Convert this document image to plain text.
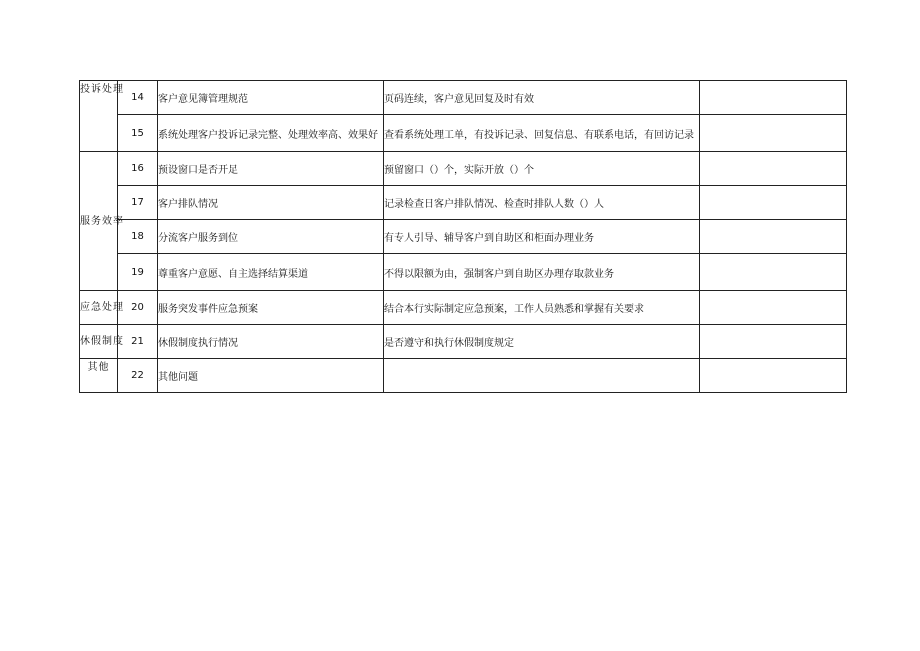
投诉处理	14	客户意见簿管理规范	页码连续，客户意见回复及时有效	
	15	系统处理客户投诉记录完整、处理效率高、效果好	查看系统处理工单，有投诉记录、回复信息、有联系电话，有回访记录	
服务效率	16	预设窗口是否开足	预留窗口（）个，实际开放（）个	
	17	客户排队情况	记录检查日客户排队情况、检查时排队人数（）人	
	18	分流客户服务到位	有专人引导、辅导客户到自助区和柜面办理业务	
	19	尊重客户意愿、自主选择结算渠道	不得以限额为由，强制客户到自助区办理存取款业务	
应急处理	20	服务突发事件应急预案	结合本行实际制定应急预案，工作人员熟悉和掌握有关要求	
休假制度	21	休假制度执行情况	是否遵守和执行休假制度规定	
其他	22	其他问题		
